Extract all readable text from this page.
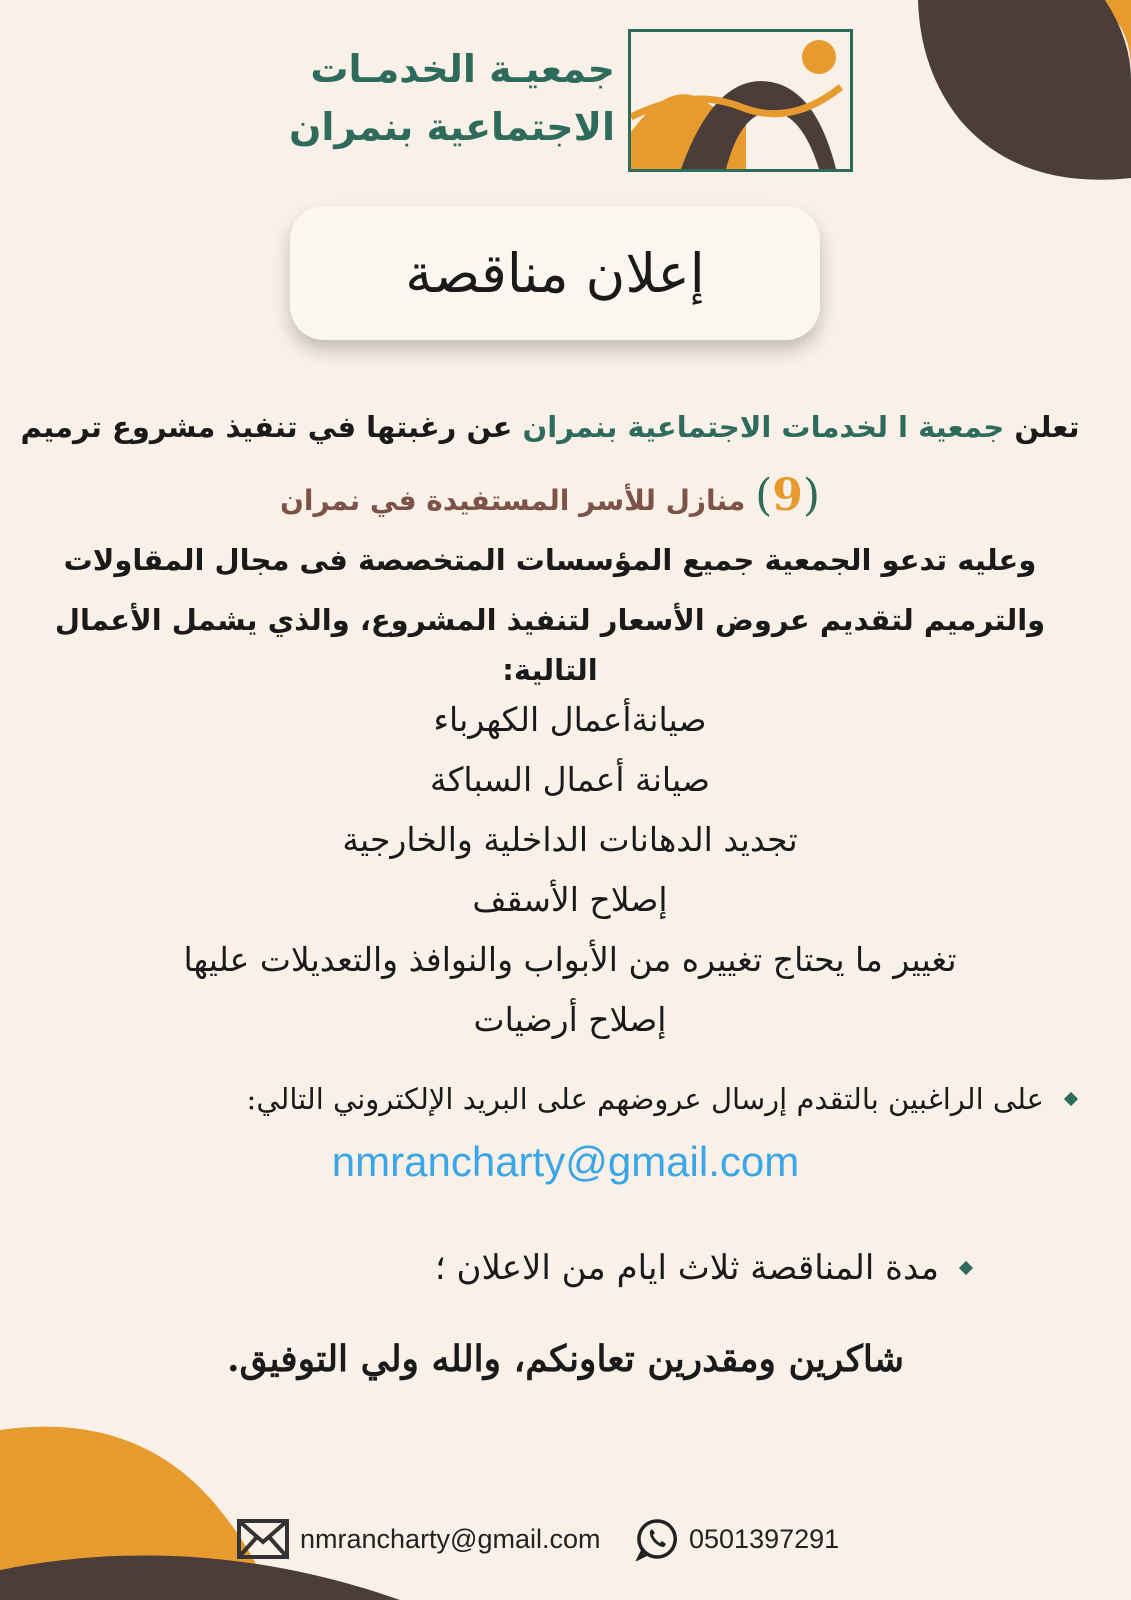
جمعيـة الخدمـات
الاجتماعية بنمران
إعلان مناقصة
تعلن جمعية ا لخدمات الاجتماعية بنمران عن رغبتها في تنفيذ مشروع ترميم
(9) منازل للأسر المستفيدة في نمران
وعليه تدعو الجمعية جميع المؤسسات المتخصصة فى مجال المقاولات
والترميم لتقديم عروض الأسعار لتنفيذ المشروع، والذي يشمل الأعمال
التالية:
صيانةأعمال الكهرباء
صيانة أعمال السباكة
تجديد الدهانات الداخلية والخارجية
إصلاح الأسقف
تغيير ما يحتاج تغييره من الأبواب والنوافذ والتعديلات عليها
إصلاح أرضيات
على الراغبين بالتقدم إرسال عروضهم على البريد الإلكتروني التالي:
nmrancharty@gmail.com
مدة المناقصة ثلاث ايام من الاعلان ؛
شاكرين ومقدرين تعاونكم، والله ولي التوفيق.
nmrancharty@gmail.com	0501397291
